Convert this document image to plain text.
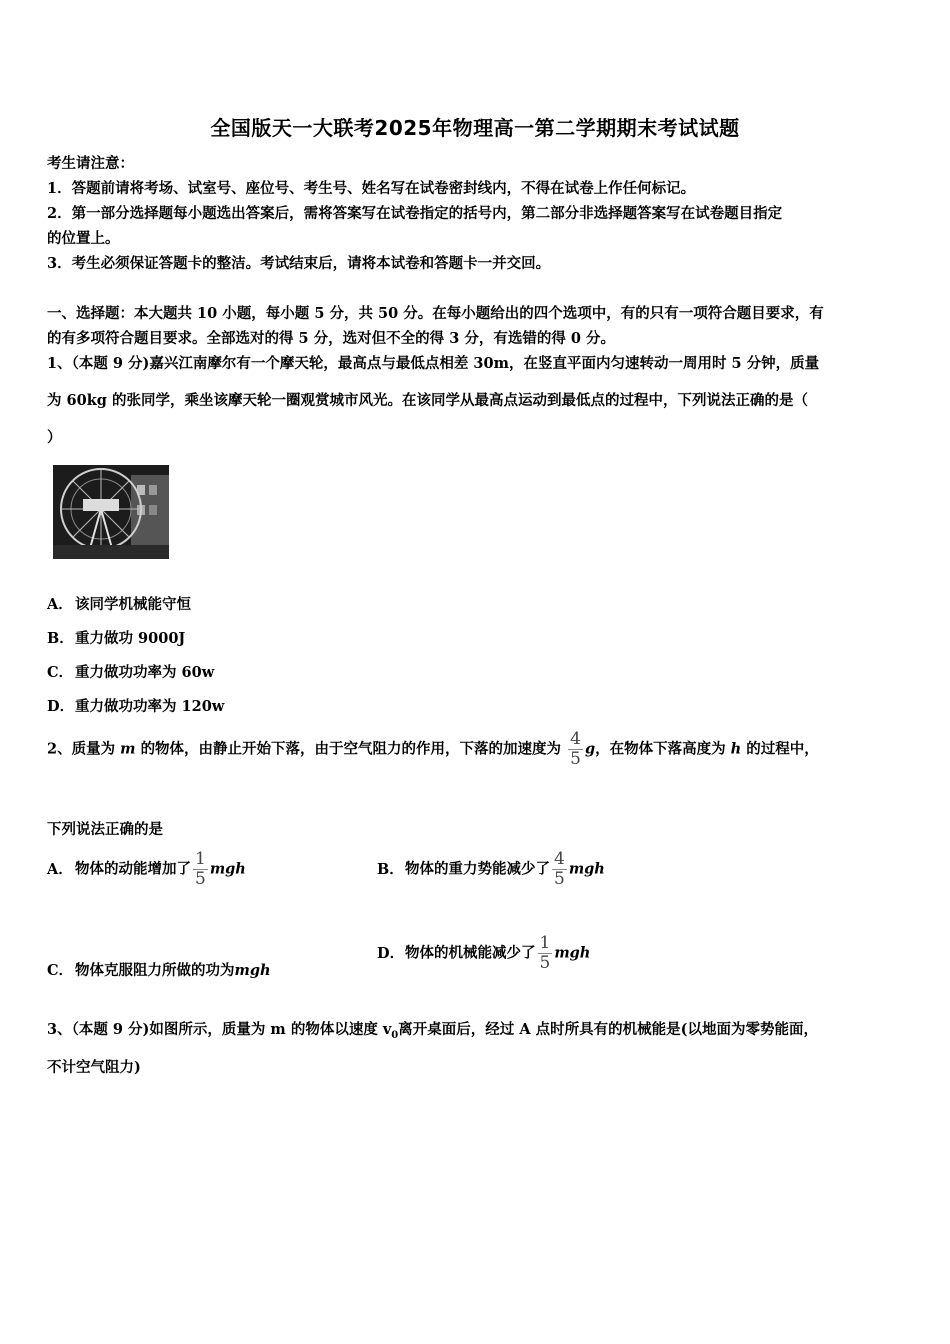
全国版天一大联考2025年物理高一第二学期期末考试试题
考生请注意：
1．答题前请将考场、试室号、座位号、考生号、姓名写在试卷密封线内，不得在试卷上作任何标记。
2．第一部分选择题每小题选出答案后，需将答案写在试卷指定的括号内，第二部分非选择题答案写在试卷题目指定
的位置上。
3．考生必须保证答题卡的整洁。考试结束后，请将本试卷和答题卡一并交回。
一、选择题：本大题共 10 小题，每小题 5 分，共 50 分。在每小题给出的四个选项中，有的只有一项符合题目要求，有
的有多项符合题目要求。全部选对的得 5 分，选对但不全的得 3 分，有选错的得 0 分。
1、（本题 9 分)嘉兴江南摩尔有一个摩天轮，最高点与最低点相差 30m，在竖直平面内匀速转动一周用时 5 分钟，质量
为 60kg 的张同学，乘坐该摩天轮一圈观赏城市风光。在该同学从最高点运动到最低点的过程中，下列说法正确的是（
）
A． 该同学机械能守恒
B．重力做功 9000J
C． 重力做功功率为 60w
D．重力做功功率为 120w
2、质量为 m 的物体，由静止开始下落，由于空气阻力的作用，下落的加速度为 $\frac{4}{5}$ g，在物体下落高度为 h 的过程中，
下列说法正确的是
A． 物体的动能增加了 $\frac{1}{5}$ mgh	B．物体的重力势能减少了 $\frac{4}{5}$ mgh
C． 物体克服阻力所做的功为mgh
D．物体的机械能减少了 $\frac{1}{5}$ mgh
3、（本题 9 分)如图所示，质量为 m 的物体以速度 $v_0$离开桌面后，经过 A 点时所具有的机械能是(以地面为零势能面，
不计空气阻力)
